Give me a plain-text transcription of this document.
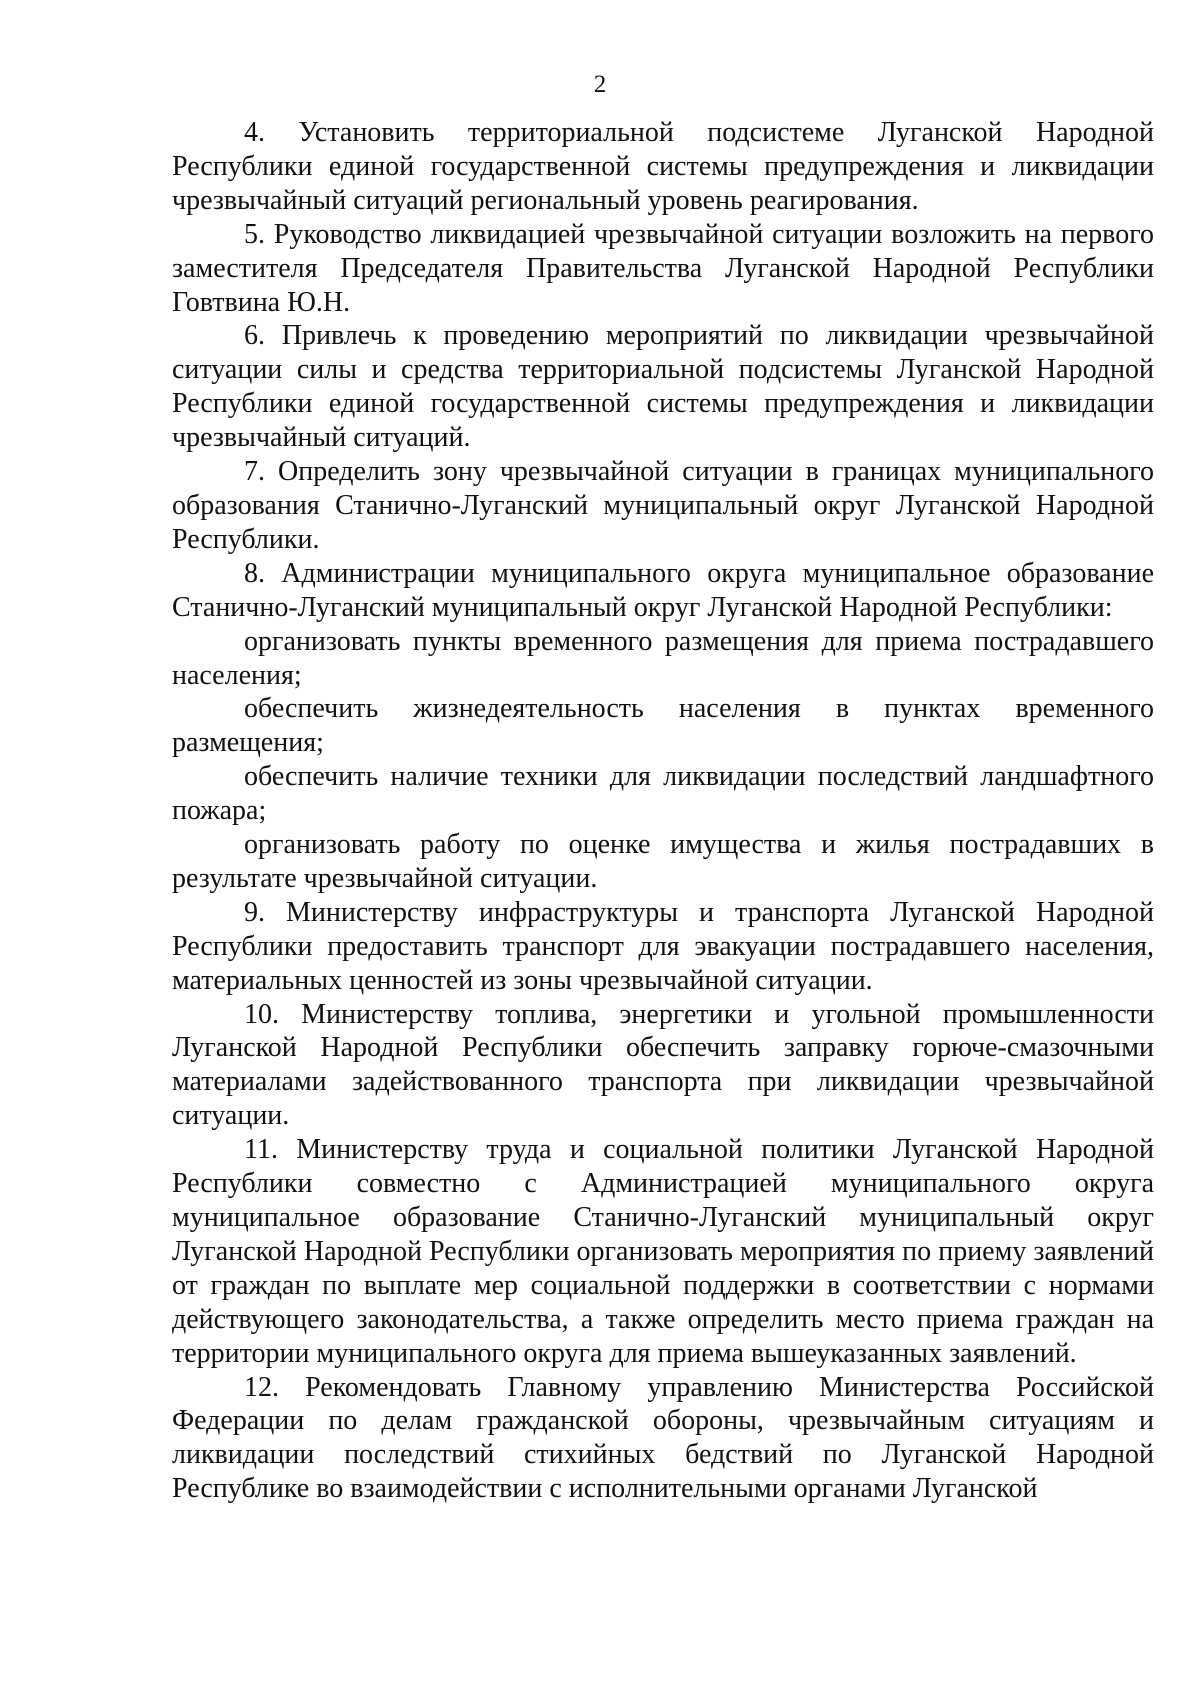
2

4. Установить территориальной подсистеме Луганской Народной Республики единой государственной системы предупреждения и ликвидации чрезвычайный ситуаций региональный уровень реагирования.

5. Руководство ликвидацией чрезвычайной ситуации возложить на первого заместителя Председателя Правительства Луганской Народной Республики Говтвина Ю.Н.

6. Привлечь к проведению мероприятий по ликвидации чрезвычайной ситуации силы и средства территориальной подсистемы Луганской Народной Республики единой государственной системы предупреждения и ликвидации чрезвычайный ситуаций.

7. Определить зону чрезвычайной ситуации в границах муниципального образования Станично-Луганский муниципальный округ Луганской Народной Республики.

8. Администрации муниципального округа муниципальное образование Станично-Луганский муниципальный округ Луганской Народной Республики:

организовать пункты временного размещения для приема пострадавшего населения;

обеспечить жизнедеятельность населения в пунктах временного размещения;

обеспечить наличие техники для ликвидации последствий ландшафтного пожара;

организовать работу по оценке имущества и жилья пострадавших в результате чрезвычайной ситуации.

9. Министерству инфраструктуры и транспорта Луганской Народной Республики предоставить транспорт для эвакуации пострадавшего населения, материальных ценностей из зоны чрезвычайной ситуации.

10. Министерству топлива, энергетики и угольной промышленности Луганской Народной Республики обеспечить заправку горюче-смазочными материалами задействованного транспорта при ликвидации чрезвычайной ситуации.

11. Министерству труда и социальной политики Луганской Народной Республики совместно с Администрацией муниципального округа муниципальное образование Станично-Луганский муниципальный округ Луганской Народной Республики организовать мероприятия по приему заявлений от граждан по выплате мер социальной поддержки в соответствии с нормами действующего законодательства, а также определить место приема граждан на территории муниципального округа для приема вышеуказанных заявлений.

12. Рекомендовать Главному управлению Министерства Российской Федерации по делам гражданской обороны, чрезвычайным ситуациям и ликвидации последствий стихийных бедствий по Луганской Народной Республике во взаимодействии с исполнительными органами Луганской
